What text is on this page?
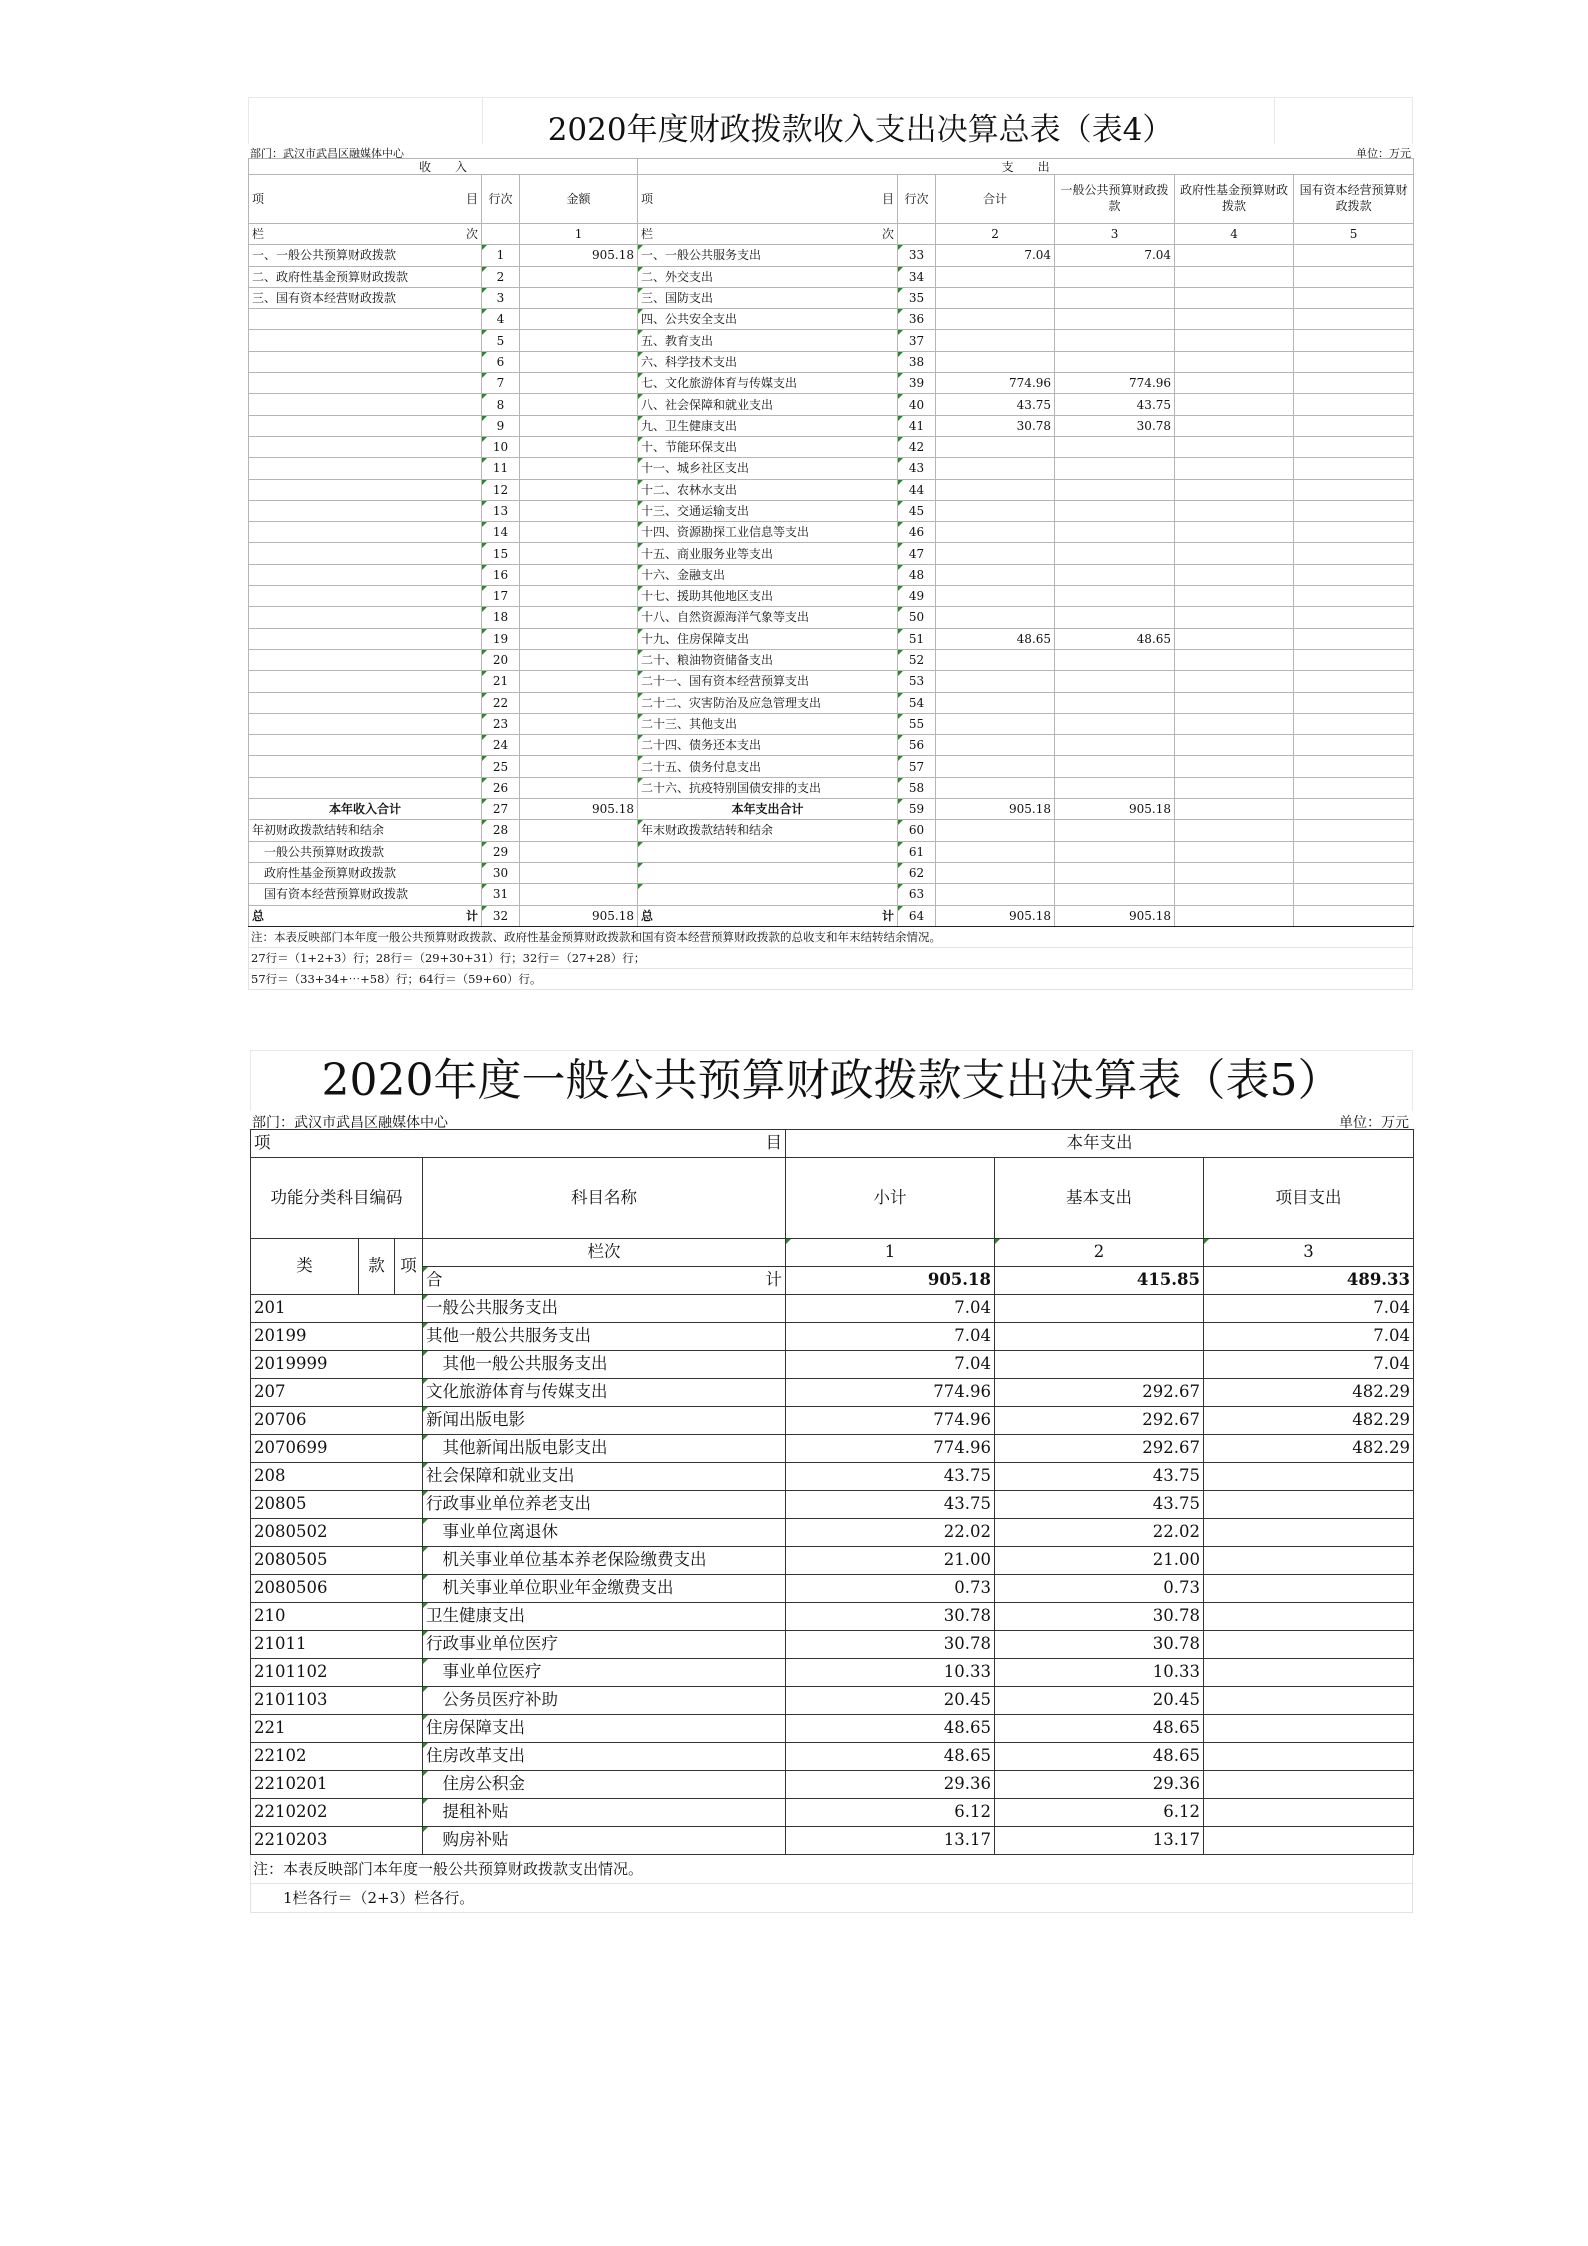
2020年度财政拨款收入支出决算总表（表4）
部门：武汉市武昌区融媒体中心	单位：万元
收　　入			支　　出					
项 目	行次	金额	项 目	行次	合计	一般公共预算财政拨款	政府性基金预算财政拨款	国有资本经营预算财政拨款
栏 次		1	栏 次		2	3	4	5
一、一般公共预算财政拨款	1	905.18	一、一般公共服务支出	33	7.04	7.04		
二、政府性基金预算财政拨款	2		二、外交支出	34				
三、国有资本经营财政拨款	3		三、国防支出	35				
	4		四、公共安全支出	36				
	5		五、教育支出	37				
	6		六、科学技术支出	38				
	7		七、文化旅游体育与传媒支出	39	774.96	774.96		
	8		八、社会保障和就业支出	40	43.75	43.75		
	9		九、卫生健康支出	41	30.78	30.78		
	10		十、节能环保支出	42				
	11		十一、城乡社区支出	43				
	12		十二、农林水支出	44				
	13		十三、交通运输支出	45				
	14		十四、资源勘探工业信息等支出	46				
	15		十五、商业服务业等支出	47				
	16		十六、金融支出	48				
	17		十七、援助其他地区支出	49				
	18		十八、自然资源海洋气象等支出	50				
	19		十九、住房保障支出	51	48.65	48.65		
	20		二十、粮油物资储备支出	52				
	21		二十一、国有资本经营预算支出	53				
	22		二十二、灾害防治及应急管理支出	54				
	23		二十三、其他支出	55				
	24		二十四、债务还本支出	56				
	25		二十五、债务付息支出	57				
	26		二十六、抗疫特别国债安排的支出	58				
本年收入合计	27	905.18	本年支出合计	59	905.18	905.18		
年初财政拨款结转和结余	28		年末财政拨款结转和结余	60				
　一般公共预算财政拨款	29			61				
　政府性基金预算财政拨款	30			62				
　国有资本经营预算财政拨款	31			63				
总 计	32	905.18	总 计	64	905.18	905.18		
注：本表反映部门本年度一般公共预算财政拨款、政府性基金预算财政拨款和国有资本经营预算财政拨款的总收支和年末结转结余情况。
27行＝（1+2+3）行；28行＝（29+30+31）行；32行＝（27+28）行；
57行＝（33+34+⋯+58）行；64行＝（59+60）行。
2020年度一般公共预算财政拨款支出决算表（表5）
部门：武汉市武昌区融媒体中心	单位：万元
项 目				本年支出		
功能分类科目编码			科目名称	小计	基本支出	项目支出
类	款	项	栏次	1	2	3
			合 计	905.18	415.85	489.33
201			一般公共服务支出	7.04		7.04
20199			其他一般公共服务支出	7.04		7.04
2019999			　其他一般公共服务支出	7.04		7.04
207			文化旅游体育与传媒支出	774.96	292.67	482.29
20706			新闻出版电影	774.96	292.67	482.29
2070699			　其他新闻出版电影支出	774.96	292.67	482.29
208			社会保障和就业支出	43.75	43.75	
20805			行政事业单位养老支出	43.75	43.75	
2080502			　事业单位离退休	22.02	22.02	
2080505			　机关事业单位基本养老保险缴费支出	21.00	21.00	
2080506			　机关事业单位职业年金缴费支出	0.73	0.73	
210			卫生健康支出	30.78	30.78	
21011			行政事业单位医疗	30.78	30.78	
2101102			　事业单位医疗	10.33	10.33	
2101103			　公务员医疗补助	20.45	20.45	
221			住房保障支出	48.65	48.65	
22102			住房改革支出	48.65	48.65	
2210201			　住房公积金	29.36	29.36	
2210202			　提租补贴	6.12	6.12	
2210203			　购房补贴	13.17	13.17	
注：本表反映部门本年度一般公共预算财政拨款支出情况。
　　1栏各行＝（2+3）栏各行。
